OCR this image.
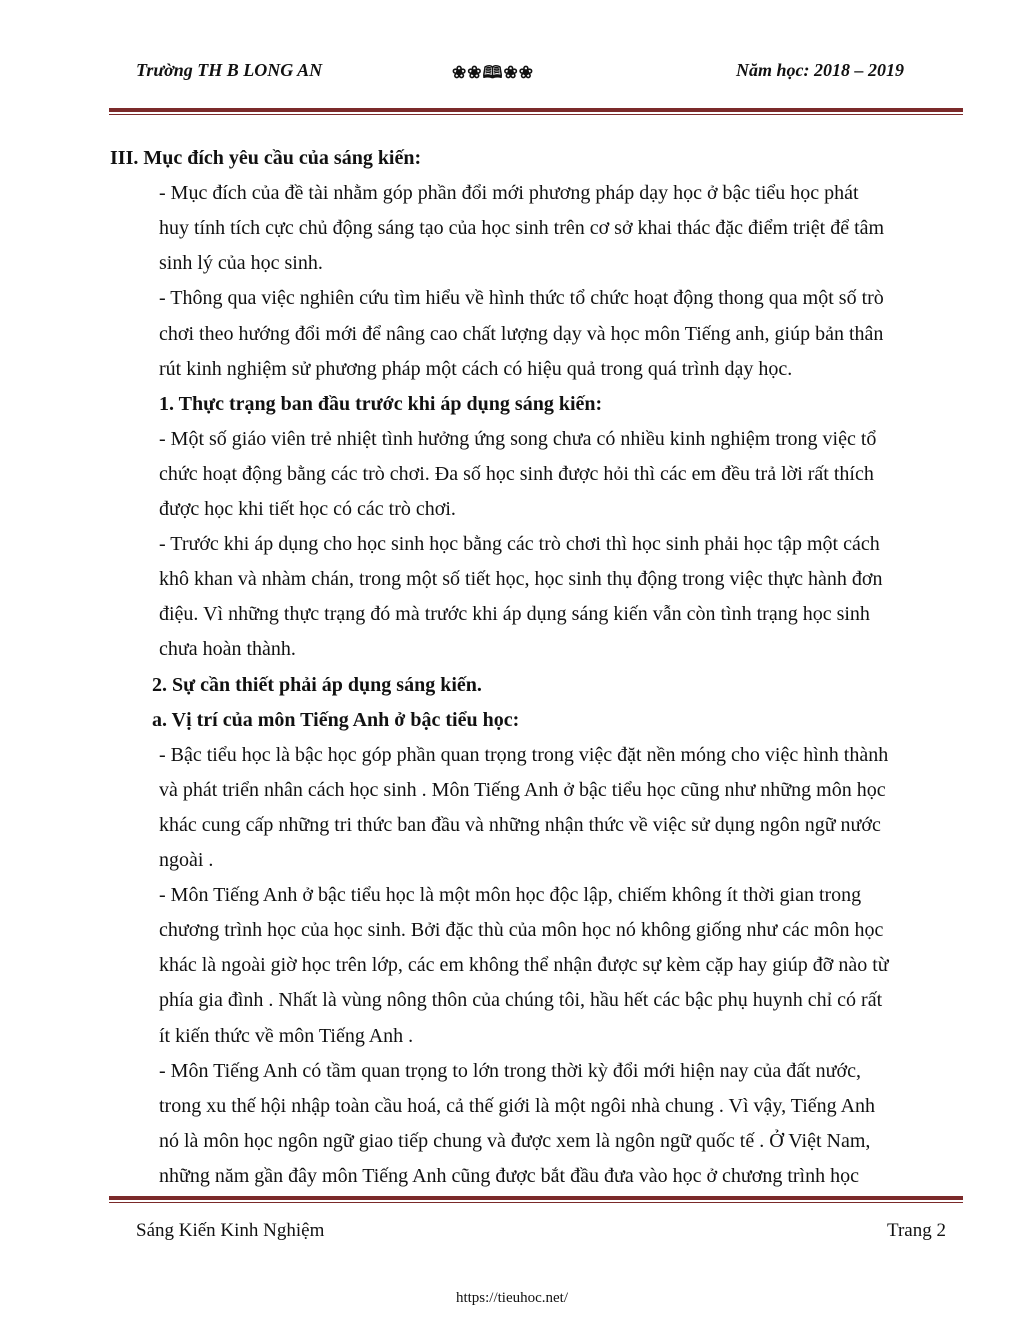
Trường TH B LONG AN	❀❀🕮❀❀	Năm học: 2018 – 2019
III. Mục đích yêu cầu của sáng kiến:
- Mục đích của đề tài nhằm góp phần đổi mới phương pháp dạy học ở bậc tiểu học phát
huy tính tích cực chủ động sáng tạo của học sinh trên cơ sở khai thác đặc điểm triệt để tâm
sinh lý của học sinh.
- Thông qua việc nghiên cứu tìm hiểu về hình thức tổ chức hoạt động thong qua một số trò
chơi theo hướng đổi mới để nâng cao chất lượng dạy và học môn Tiếng anh, giúp bản thân
rút kinh nghiệm sử phương pháp một cách có hiệu quả trong quá trình dạy học.
1. Thực trạng ban đầu trước khi áp dụng sáng kiến:
- Một số giáo viên trẻ nhiệt tình hưởng ứng song chưa có nhiều kinh nghiệm trong việc tổ
chức hoạt động bằng các trò chơi. Đa số học sinh được hỏi thì các em đều trả lời rất thích
được học khi tiết học có các trò chơi.
- Trước khi áp dụng cho học sinh học bằng các trò chơi thì học sinh phải học tập một cách
khô khan và nhàm chán, trong một số tiết học, học sinh thụ động trong việc thực hành đơn
điệu. Vì những thực trạng đó mà trước khi áp dụng sáng kiến vẫn còn tình trạng học sinh
chưa hoàn thành.
2. Sự cần thiết phải áp dụng sáng kiến.
a. Vị trí của môn Tiếng Anh ở bậc tiểu học:
- Bậc tiểu học là bậc học góp phần quan trọng trong việc đặt nền móng cho việc hình thành
và phát triển nhân cách học sinh . Môn Tiếng Anh ở bậc tiểu học cũng như những môn học
khác cung cấp những tri thức ban đầu và những nhận thức về việc sử dụng ngôn ngữ nước
ngoài .
- Môn Tiếng Anh ở bậc tiểu học là một môn học độc lập, chiếm không ít thời gian trong
chương trình học của học sinh. Bởi đặc thù của môn học nó không giống như các môn học
khác là ngoài giờ học trên lớp, các em không thể nhận được sự kèm cặp hay giúp đỡ nào từ
phía gia đình . Nhất là vùng nông thôn của chúng tôi, hầu hết các bậc phụ huynh chỉ có rất
ít kiến thức về môn Tiếng Anh .
- Môn Tiếng Anh có tầm quan trọng to lớn trong thời kỳ đổi mới hiện nay của đất nước,
trong xu thế hội nhập toàn cầu hoá, cả thế giới là một ngôi nhà chung . Vì vậy, Tiếng Anh
nó là môn học ngôn ngữ giao tiếp chung và được xem là ngôn ngữ quốc tế . Ở Việt Nam,
những năm gần đây môn Tiếng Anh cũng được bắt đầu đưa vào học ở chương trình học
Sáng Kiến Kinh Nghiệm	Trang 2
https://tieuhoc.net/
